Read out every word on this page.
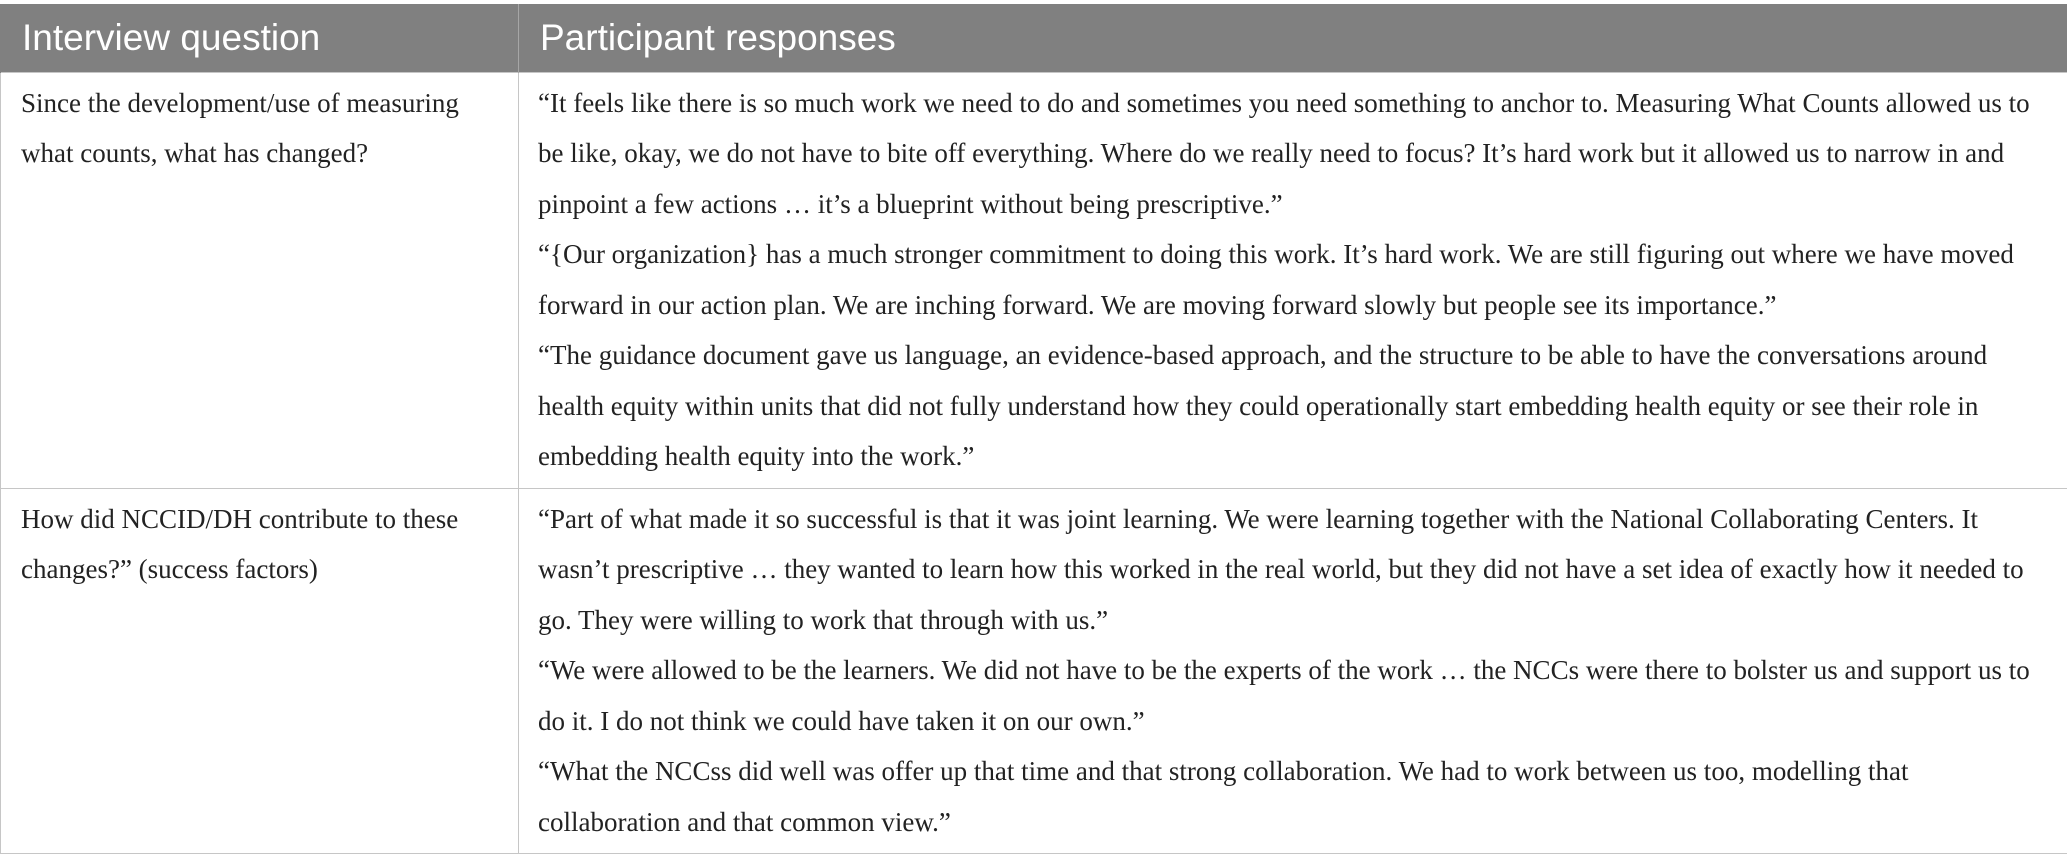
Interview question	Participant responses
Since the development/use of measuring what counts, what has changed?	“It feels like there is so much work we need to do and sometimes you need something to anchor to. Measuring What Counts allowed us to be like, okay, we do not have to bite off everything. Where do we really need to focus? It’s hard work but it allowed us to narrow in and pinpoint a few actions … it’s a blueprint without being prescriptive.”

“{Our organization} has a much stronger commitment to doing this work. It’s hard work. We are still figuring out where we have moved forward in our action plan. We are inching forward. We are moving forward slowly but people see its importance.”

“The guidance document gave us language, an evidence-based approach, and the structure to be able to have the conversations around health equity within units that did not fully understand how they could operationally start embedding health equity or see their role in embedding health equity into the work.”

How did NCCID/DH contribute to these changes?” (success factors)	“Part of what made it so successful is that it was joint learning. We were learning together with the National Collaborating Centers. It wasn’t prescriptive … they wanted to learn how this worked in the real world, but they did not have a set idea of exactly how it needed to go. They were willing to work that through with us.”

“We were allowed to be the learners. We did not have to be the experts of the work … the NCCs were there to bolster us and support us to do it. I do not think we could have taken it on our own.”

“What the NCCss did well was offer up that time and that strong collaboration. We had to work between us too, modelling that collaboration and that common view.”
